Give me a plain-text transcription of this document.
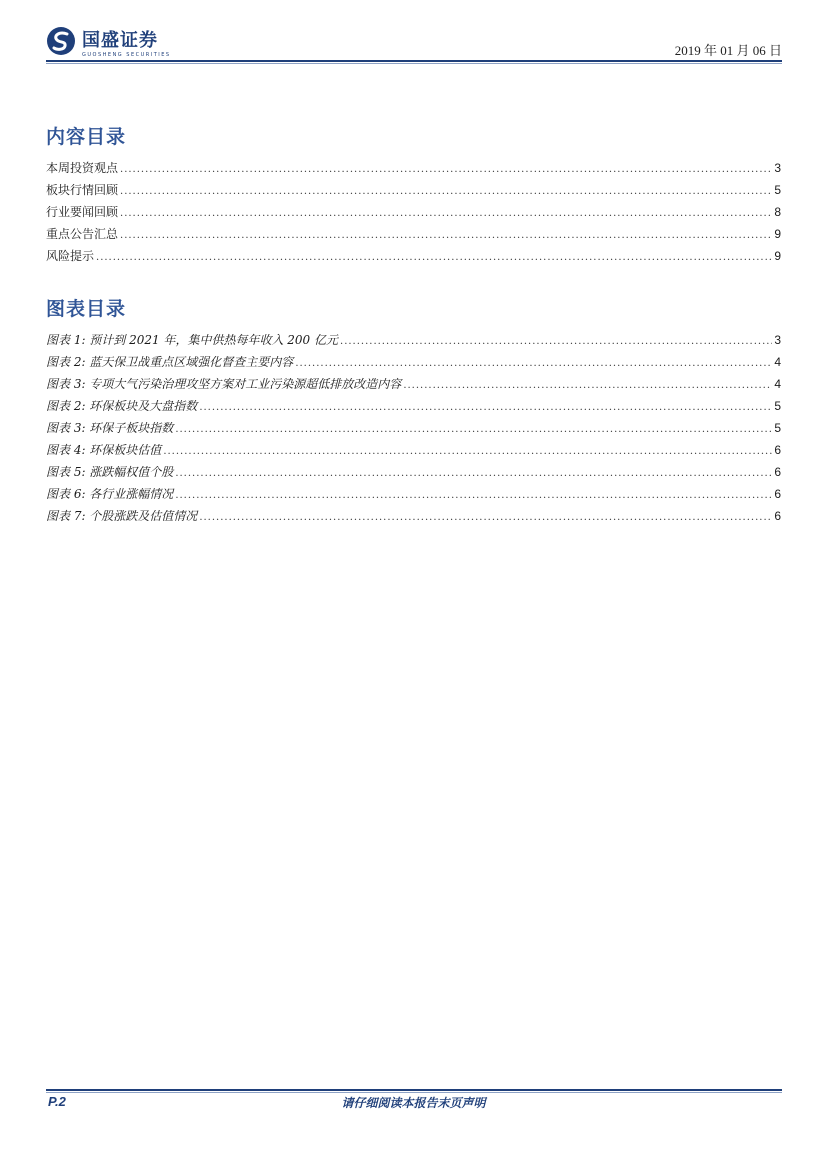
国盛证券
GUOSHENG SECURITIES	2019 年 01 月 06 日
内容目录
本周投资观点 .....	3
板块行情回顾 .....	5
行业要闻回顾 .....	8
重点公告汇总 .....	9
风险提示 .....	9
图表目录
图表 1: 预计到 2021 年，集中供热每年收入 200 亿元 .....	3
图表 2: 蓝天保卫战重点区域强化督查主要内容 .....	4
图表 3: 专项大气污染治理攻坚方案对工业污染源超低排放改造内容 .....	4
图表 2: 环保板块及大盘指数 .....	5
图表 3: 环保子板块指数 .....	5
图表 4: 环保板块估值 .....	6
图表 5: 涨跌幅权值个股 .....	6
图表 6: 各行业涨幅情况 .....	6
图表 7: 个股涨跌及估值情况 .....	6
请仔细阅读本报告末页声明
P.2
